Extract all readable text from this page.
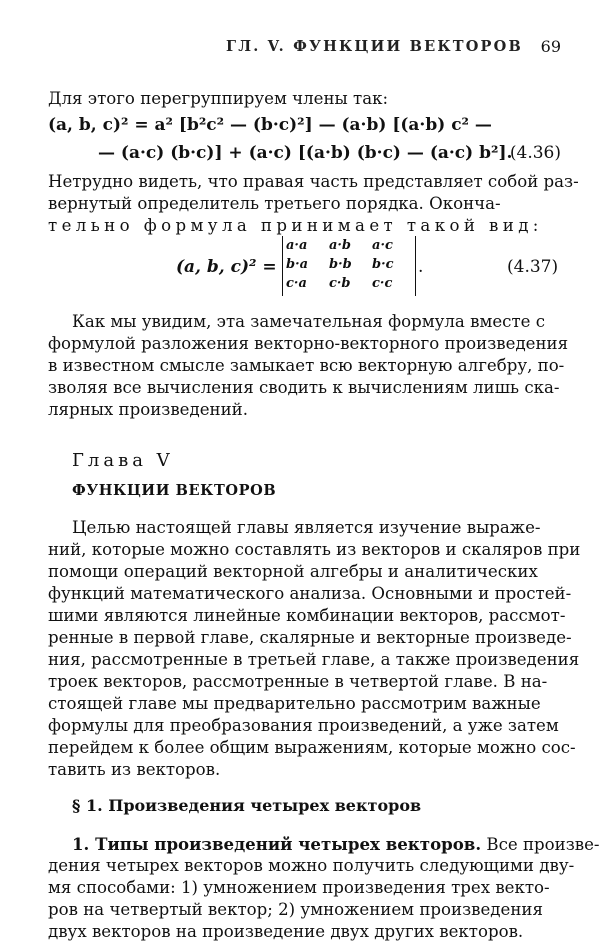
ГЛ. V. ФУНКЦИИ ВЕКТОРОВ 69
Для этого перегруппируем члены так:
(a, b, c)² = a² [b²c² — (b·c)²] — (a·b) [(a·b) c² —
— (a·c) (b·c)] + (a·c) [(a·b) (b·c) — (a·c) b²].
(4.36)
Нетрудно видеть, что правая часть представляет собой раз-
вернутый определитель третьего порядка. Оконча-
тельно формула принимает такой вид:
(a, b, c)² =
a·a	a·b	a·c
b·a	b·b	b·c
c·a	c·b	c·c
.	(4.37)
Как мы увидим, эта замечательная формула вместе с
формулой разложения векторно-векторного произведения
в известном смысле замыкает всю векторную алгебру, по-
зволяя все вычисления сводить к вычислениям лишь ска-
лярных произведений.
Глава V
ФУНКЦИИ ВЕКТОРОВ
Целью настоящей главы является изучение выраже-
ний, которые можно составлять из векторов и скаляров при
помощи операций векторной алгебры и аналитических
функций математического анализа. Основными и простей-
шими являются линейные комбинации векторов, рассмот-
ренные в первой главе, скалярные и векторные произведе-
ния, рассмотренные в третьей главе, а также произведения
троек векторов, рассмотренные в четвертой главе. В на-
стоящей главе мы предварительно рассмотрим важные
формулы для преобразования произведений, а уже затем
перейдем к более общим выражениям, которые можно сос-
тавить из векторов.
§ 1. Произведения четырех векторов
1. Типы произведений четырех векторов. Все произве-
дения четырех векторов можно получить следующими дву-
мя способами: 1) умножением произведения трех векто-
ров на четвертый вектор; 2) умножением произведения
двух векторов на произведение двух других векторов.
